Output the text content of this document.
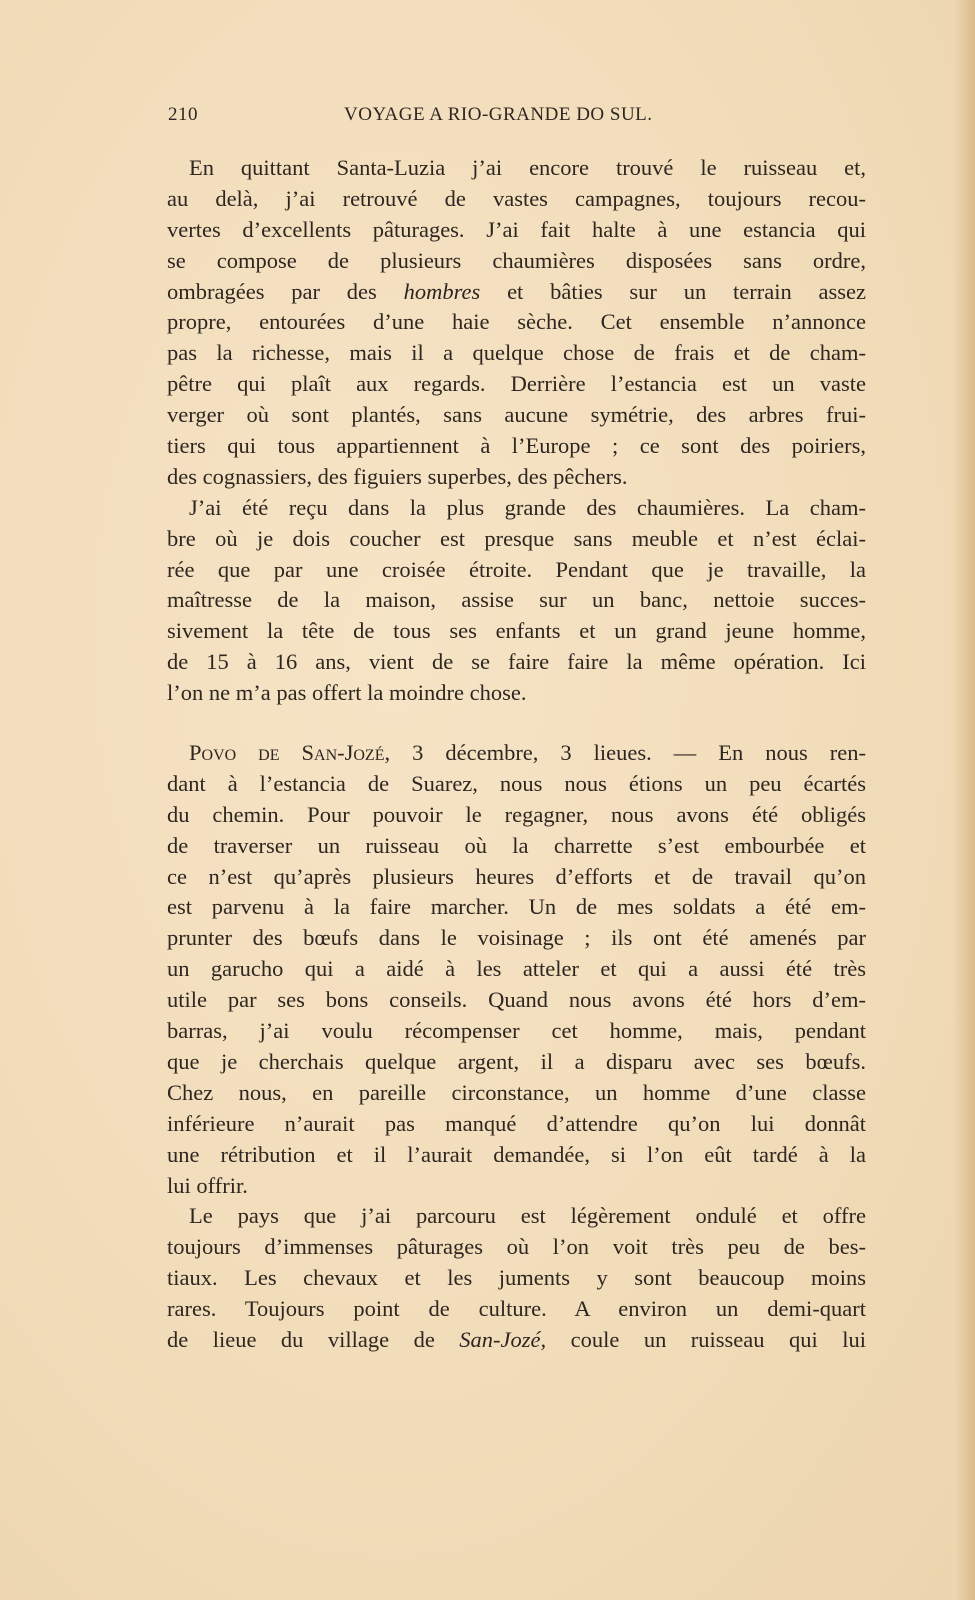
210	VOYAGE A RIO-GRANDE DO SUL.
En quittant Santa-Luzia j’ai encore trouvé le ruisseau et,
au delà, j’ai retrouvé de vastes campagnes, toujours recou-
vertes d’excellents pâturages. J’ai fait halte à une estancia qui
se compose de plusieurs chaumières disposées sans ordre,
ombragées par des hombres et bâties sur un terrain assez
propre, entourées d’une haie sèche. Cet ensemble n’annonce
pas la richesse, mais il a quelque chose de frais et de cham-
pêtre qui plaît aux regards. Derrière l’estancia est un vaste
verger où sont plantés, sans aucune symétrie, des arbres frui-
tiers qui tous appartiennent à l’Europe ; ce sont des poiriers,
des cognassiers, des figuiers superbes, des pêchers.
J’ai été reçu dans la plus grande des chaumières. La cham-
bre où je dois coucher est presque sans meuble et n’est éclai-
rée que par une croisée étroite. Pendant que je travaille, la
maîtresse de la maison, assise sur un banc, nettoie succes-
sivement la tête de tous ses enfants et un grand jeune homme,
de 15 à 16 ans, vient de se faire faire la même opération. Ici
l’on ne m’a pas offert la moindre chose.
Povo de San-Jozé, 3 décembre, 3 lieues. — En nous ren-
dant à l’estancia de Suarez, nous nous étions un peu écartés
du chemin. Pour pouvoir le regagner, nous avons été obligés
de traverser un ruisseau où la charrette s’est embourbée et
ce n’est qu’après plusieurs heures d’efforts et de travail qu’on
est parvenu à la faire marcher. Un de mes soldats a été em-
prunter des bœufs dans le voisinage ; ils ont été amenés par
un garucho qui a aidé à les atteler et qui a aussi été très
utile par ses bons conseils. Quand nous avons été hors d’em-
barras, j’ai voulu récompenser cet homme, mais, pendant
que je cherchais quelque argent, il a disparu avec ses bœufs.
Chez nous, en pareille circonstance, un homme d’une classe
inférieure n’aurait pas manqué d’attendre qu’on lui donnât
une rétribution et il l’aurait demandée, si l’on eût tardé à la
lui offrir.
Le pays que j’ai parcouru est légèrement ondulé et offre
toujours d’immenses pâturages où l’on voit très peu de bes-
tiaux. Les chevaux et les juments y sont beaucoup moins
rares. Toujours point de culture. A environ un demi-quart
de lieue du village de San-Jozé, coule un ruisseau qui lui
